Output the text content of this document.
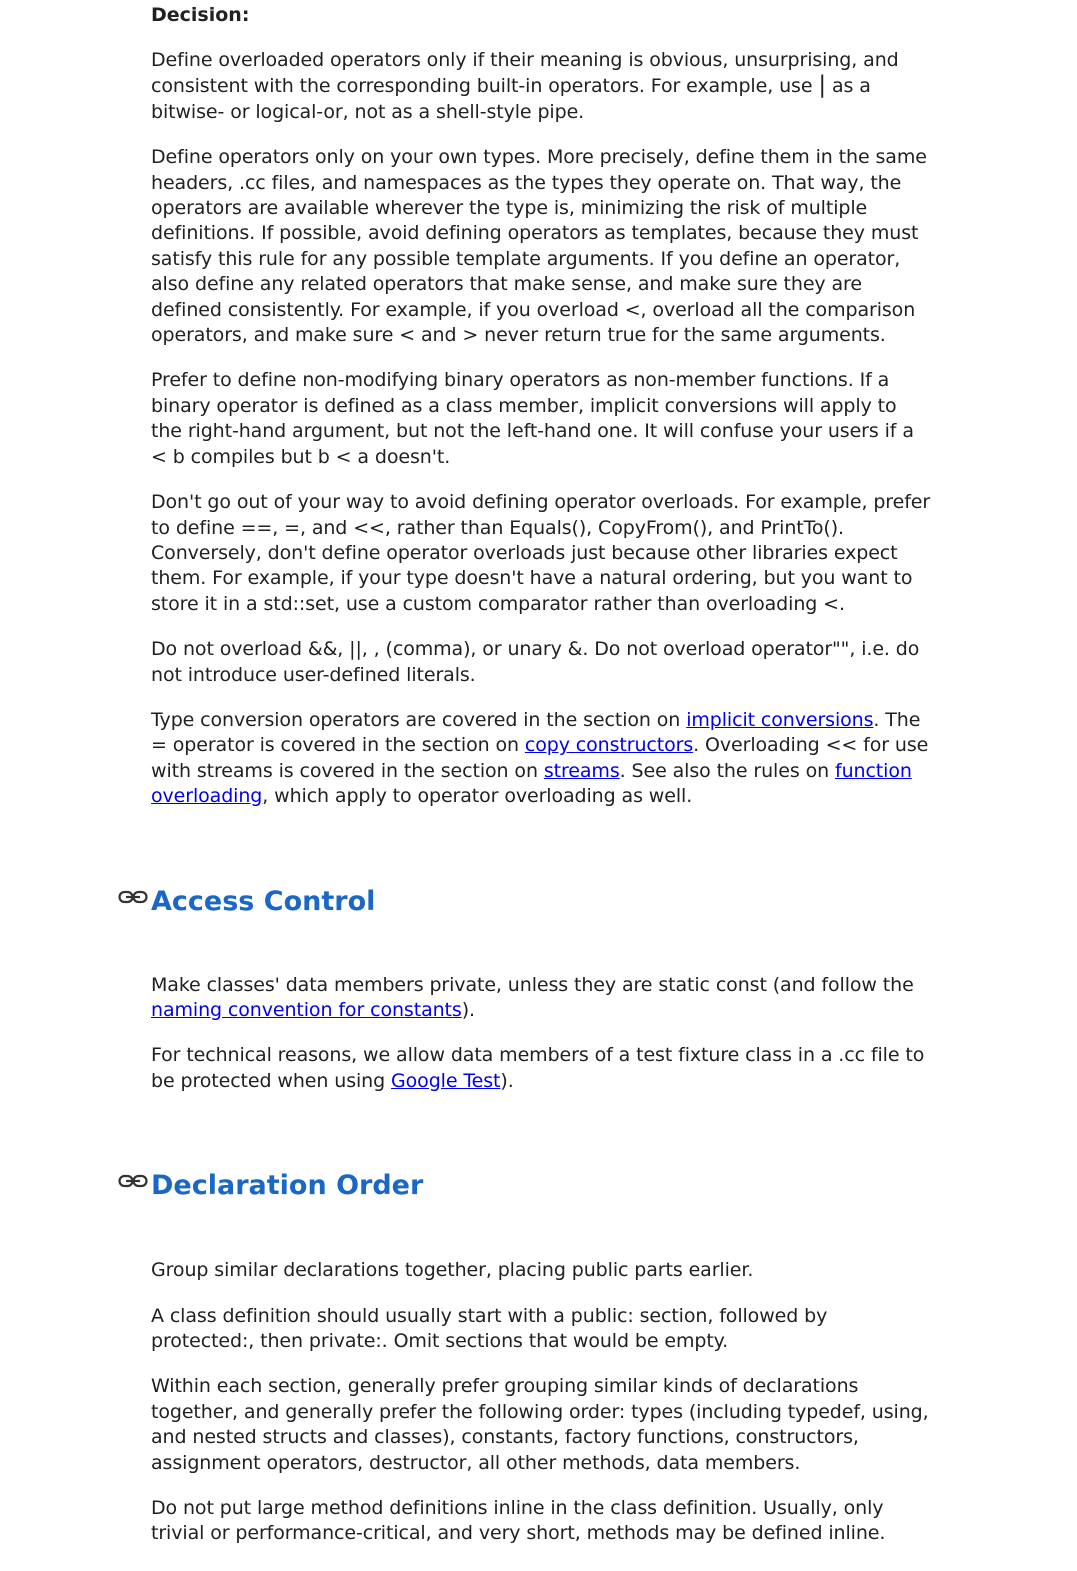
Decision:

Define overloaded operators only if their meaning is obvious, unsurprising, and consistent with the corresponding built-in operators. For example, use | as a bitwise- or logical-or, not as a shell-style pipe.

Define operators only on your own types. More precisely, define them in the same headers, .cc files, and namespaces as the types they operate on. That way, the operators are available wherever the type is, minimizing the risk of multiple definitions. If possible, avoid defining operators as templates, because they must satisfy this rule for any possible template arguments. If you define an operator, also define any related operators that make sense, and make sure they are defined consistently. For example, if you overload <, overload all the comparison operators, and make sure < and > never return true for the same arguments.

Prefer to define non-modifying binary operators as non-member functions. If a binary operator is defined as a class member, implicit conversions will apply to the right-hand argument, but not the left-hand one. It will confuse your users if a < b compiles but b < a doesn't.

Don't go out of your way to avoid defining operator overloads. For example, prefer to define ==, =, and <<, rather than Equals(), CopyFrom(), and PrintTo(). Conversely, don't define operator overloads just because other libraries expect them. For example, if your type doesn't have a natural ordering, but you want to store it in a std::set, use a custom comparator rather than overloading <.

Do not overload &&, ||, , (comma), or unary &. Do not overload operator"", i.e. do not introduce user-defined literals.

Type conversion operators are covered in the section on implicit conversions. The = operator is covered in the section on copy constructors. Overloading << for use with streams is covered in the section on streams. See also the rules on function overloading, which apply to operator overloading as well.

Access Control

Make classes' data members private, unless they are static const (and follow the naming convention for constants).

For technical reasons, we allow data members of a test fixture class in a .cc file to be protected when using Google Test).

Declaration Order

Group similar declarations together, placing public parts earlier.

A class definition should usually start with a public: section, followed by protected:, then private:. Omit sections that would be empty.

Within each section, generally prefer grouping similar kinds of declarations together, and generally prefer the following order: types (including typedef, using, and nested structs and classes), constants, factory functions, constructors, assignment operators, destructor, all other methods, data members.

Do not put large method definitions inline in the class definition. Usually, only trivial or performance-critical, and very short, methods may be defined inline.
